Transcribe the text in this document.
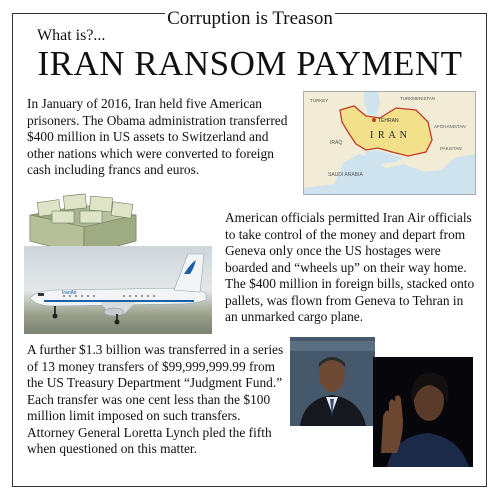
Corruption is Treason
What is?...
IRAN RANSOM PAYMENT

In January of 2016, Iran held five American prisoners. The Obama administration transferred $400 million in US assets to Switzerland and other nations which were converted to foreign cash including francs and euros.

TEHRAN
I R A N
TURKEY	TURKMENISTAN
IRAQ
AFGHANISTAN
PAKISTAN
SAUDI ARABIA
IranAir

American officials permitted Iran Air officials to take control of the money and depart from Geneva only once the US hostages were boarded and “wheels up” on their way home. The $400 million in foreign bills, stacked onto pallets, was flown from Geneva to Tehran in an unmarked cargo plane.

A further $1.3 billion was transferred in a series of 13 money transfers of $99,999,999.99 from the US Treasury Department “Judgment Fund.” Each transfer was one cent less than the $100 million limit imposed on such transfers. Attorney General Loretta Lynch pled the fifth when questioned on this matter.
